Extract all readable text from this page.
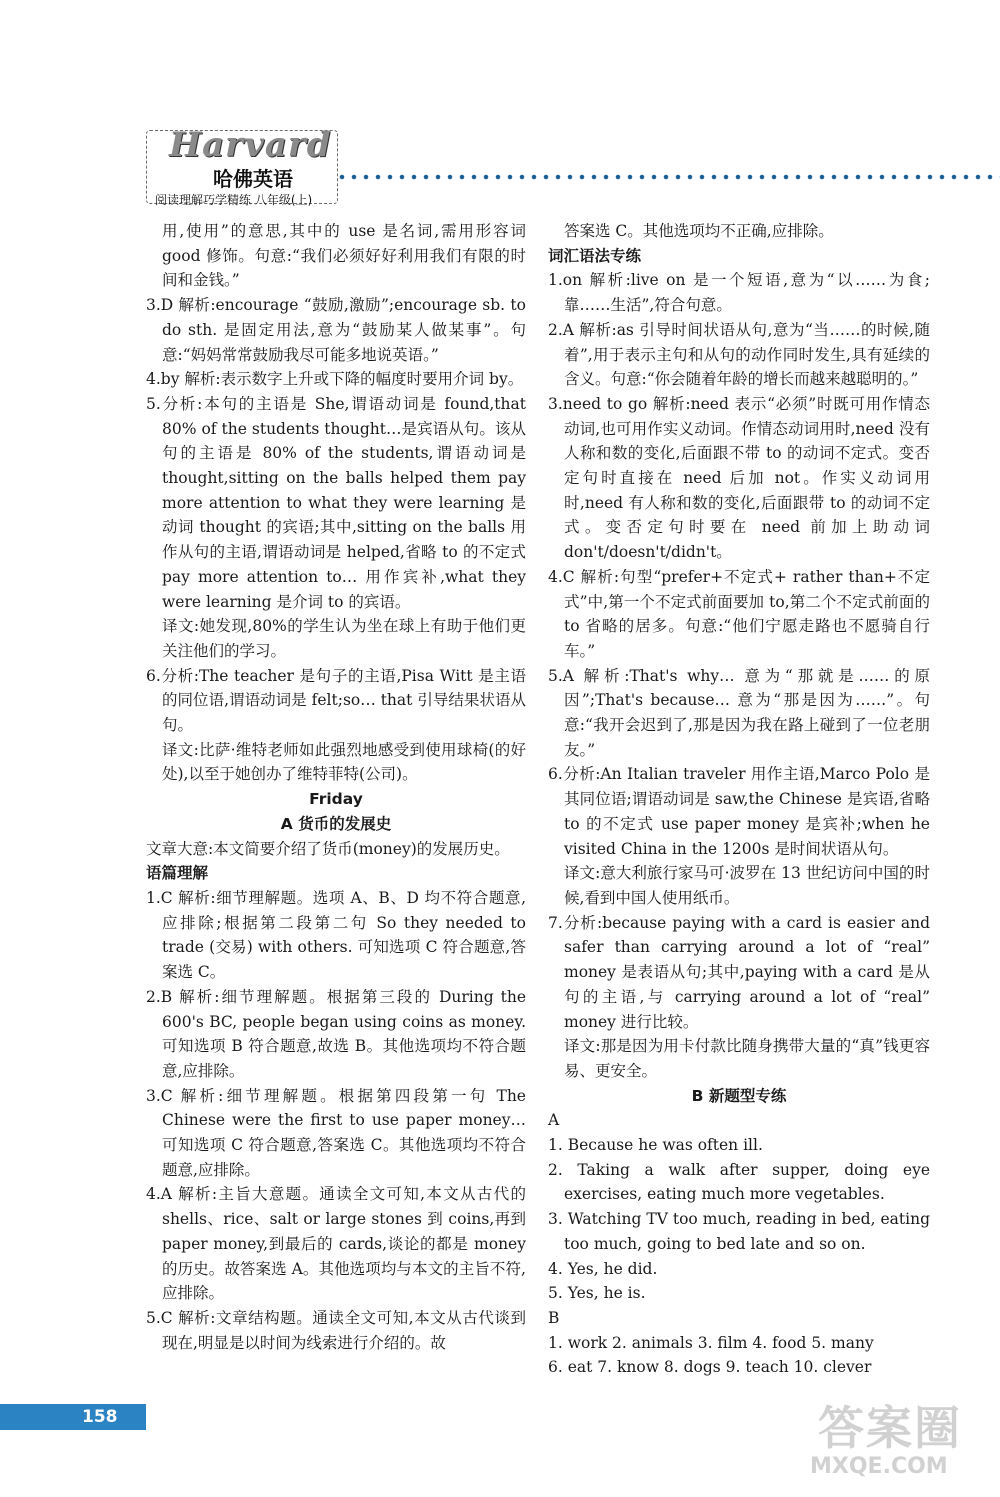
Harvard
哈佛英语
阅读理解巧学精练 八年级(上)

用,使用”的意思,其中的 use 是名词,需用形容词 good 修饰。句意:“我们必须好好利用我们有限的时间和金钱。”

3.D 解析:encourage “鼓励,激励”;encourage sb. to do sth. 是固定用法,意为“鼓励某人做某事”。句意:“妈妈常常鼓励我尽可能多地说英语。”

4.by 解析:表示数字上升或下降的幅度时要用介词 by。

5.分析:本句的主语是 She,谓语动词是 found,that 80% of the students thought…是宾语从句。该从句的主语是 80% of the students,谓语动词是 thought,sitting on the balls helped them pay more attention to what they were learning 是动词 thought 的宾语;其中,sitting on the balls 用作从句的主语,谓语动词是 helped,省略 to 的不定式 pay more attention to… 用作宾补,what they were learning 是介词 to 的宾语。

译文:她发现,80%的学生认为坐在球上有助于他们更关注他们的学习。

6.分析:The teacher 是句子的主语,Pisa Witt 是主语的同位语,谓语动词是 felt;so… that 引导结果状语从句。

译文:比萨·维特老师如此强烈地感受到使用球椅(的好处),以至于她创办了维特菲特(公司)。

Friday

A 货币的发展史

文章大意:本文简要介绍了货币(money)的发展历史。

语篇理解

1.C 解析:细节理解题。选项 A、B、D 均不符合题意,应排除;根据第二段第二句 So they needed to trade (交易) with others. 可知选项 C 符合题意,答案选 C。

2.B 解析:细节理解题。根据第三段的 During the 600's BC, people began using coins as money. 可知选项 B 符合题意,故选 B。其他选项均不符合题意,应排除。

3.C 解析:细节理解题。根据第四段第一句 The Chinese were the first to use paper money…可知选项 C 符合题意,答案选 C。其他选项均不符合题意,应排除。

4.A 解析:主旨大意题。通读全文可知,本文从古代的 shells、rice、salt or large stones 到 coins,再到 paper money,到最后的 cards,谈论的都是 money的历史。故答案选 A。其他选项均与本文的主旨不符,应排除。

5.C 解析:文章结构题。通读全文可知,本文从古代谈到现在,明显是以时间为线索进行介绍的。故

答案选 C。其他选项均不正确,应排除。

词汇语法专练

1.on 解析:live on 是一个短语,意为“以……为食;靠……生活”,符合句意。

2.A 解析:as 引导时间状语从句,意为“当……的时候,随着”,用于表示主句和从句的动作同时发生,具有延续的含义。句意:“你会随着年龄的增长而越来越聪明的。”

3.need to go 解析:need 表示“必须”时既可用作情态动词,也可用作实义动词。作情态动词用时,need 没有人称和数的变化,后面跟不带 to 的动词不定式。变否定句时直接在 need 后加 not。作实义动词用时,need 有人称和数的变化,后面跟带 to 的动词不定式。变否定句时要在 need 前加上助动词 don't/doesn't/didn't。

4.C 解析:句型“prefer+不定式+ rather than+不定式”中,第一个不定式前面要加 to,第二个不定式前面的 to 省略的居多。句意:“他们宁愿走路也不愿骑自行车。”

5.A 解析:That's why… 意为“那就是……的原因”;That's because… 意为“那是因为……”。句意:“我开会迟到了,那是因为我在路上碰到了一位老朋友。”

6.分析:An Italian traveler 用作主语,Marco Polo 是其同位语;谓语动词是 saw,the Chinese 是宾语,省略 to 的不定式 use paper money 是宾补;when he visited China in the 1200s 是时间状语从句。

译文:意大利旅行家马可·波罗在 13 世纪访问中国的时候,看到中国人使用纸币。

7.分析:because paying with a card is easier and safer than carrying around a lot of “real” money 是表语从句;其中,paying with a card 是从句的主语,与 carrying around a lot of “real” money 进行比较。

译文:那是因为用卡付款比随身携带大量的“真”钱更容易、更安全。

B 新题型专练

A

1. Because he was often ill.

2. Taking a walk after supper, doing eye exercises, eating much more vegetables.

3. Watching TV too much, reading in bed, eating too much, going to bed late and so on.

4. Yes, he did.

5. Yes, he is.

B

1. work 2. animals 3. film 4. food 5. many

6. eat 7. know 8. dogs 9. teach 10. clever

158	答案圈
MXQE.COM
